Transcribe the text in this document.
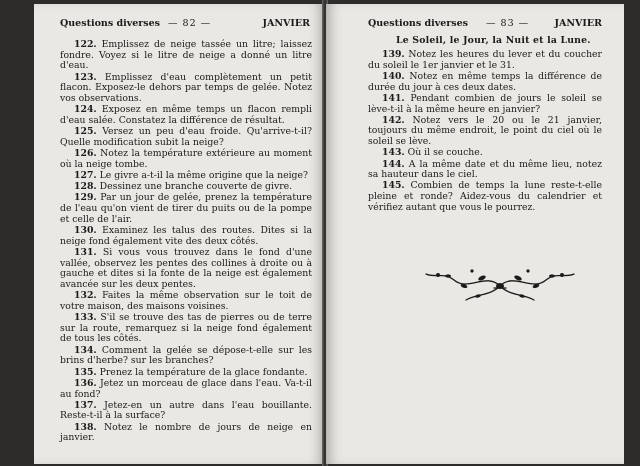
Questions diverses — 82 —	JANVIER
122. Emplissez de neige tassée un litre; laissez fondre. Voyez si le litre de neige a donné un litre d'eau.
123. Emplissez d'eau complètement un petit flacon. Exposez-le dehors par temps de gelée. Notez vos observations.
124. Exposez en même temps un flacon rempli d'eau salée. Constatez la différence de résultat.
125. Versez un peu d'eau froide. Qu'arrive-t-il? Quelle modification subit la neige?
126. Notez la température extérieure au moment où la neige tombe.
127. Le givre a-t-il la même origine que la neige?
128. Dessinez une branche couverte de givre.
129. Par un jour de gelée, prenez la température de l'eau qu'on vient de tirer du puits ou de la pompe et celle de l'air.
130. Examinez les talus des routes. Dites si la neige fond également vite des deux côtés.
131. Si vous vous trouvez dans le fond d'une vallée, observez les pentes des collines à droite ou à gauche et dites si la fonte de la neige est également avancée sur les deux pentes.
132. Faites la même observation sur le toit de votre maison, des maisons voisines.
133. S'il se trouve des tas de pierres ou de terre sur la route, remarquez si la neige fond également de tous les côtés.
134. Comment la gelée se dépose-t-elle sur les brins d'herbe? sur les branches?
135. Prenez la température de la glace fondante.
136. Jetez un morceau de glace dans l'eau. Va-t-il au fond?
137. Jetez-en un autre dans l'eau bouillante. Reste-t-il à la surface?
138. Notez le nombre de jours de neige en janvier.
Questions diverses — 83 —	JANVIER
Le Soleil, le Jour, la Nuit et la Lune.
139. Notez les heures du lever et du coucher du soleil le 1er janvier et le 31.
140. Notez en même temps la différence de durée du jour à ces deux dates.
141. Pendant combien de jours le soleil se lève-t-il à la même heure en janvier?
142. Notez vers le 20 ou le 21 janvier, toujours du même endroit, le point du ciel où le soleil se lève.
143. Où il se couche.
144. A la même date et du même lieu, notez sa hauteur dans le ciel.
145. Combien de temps la lune reste-t-elle pleine et ronde? Aidez-vous du calendrier et vérifiez autant que vous le pourrez.
